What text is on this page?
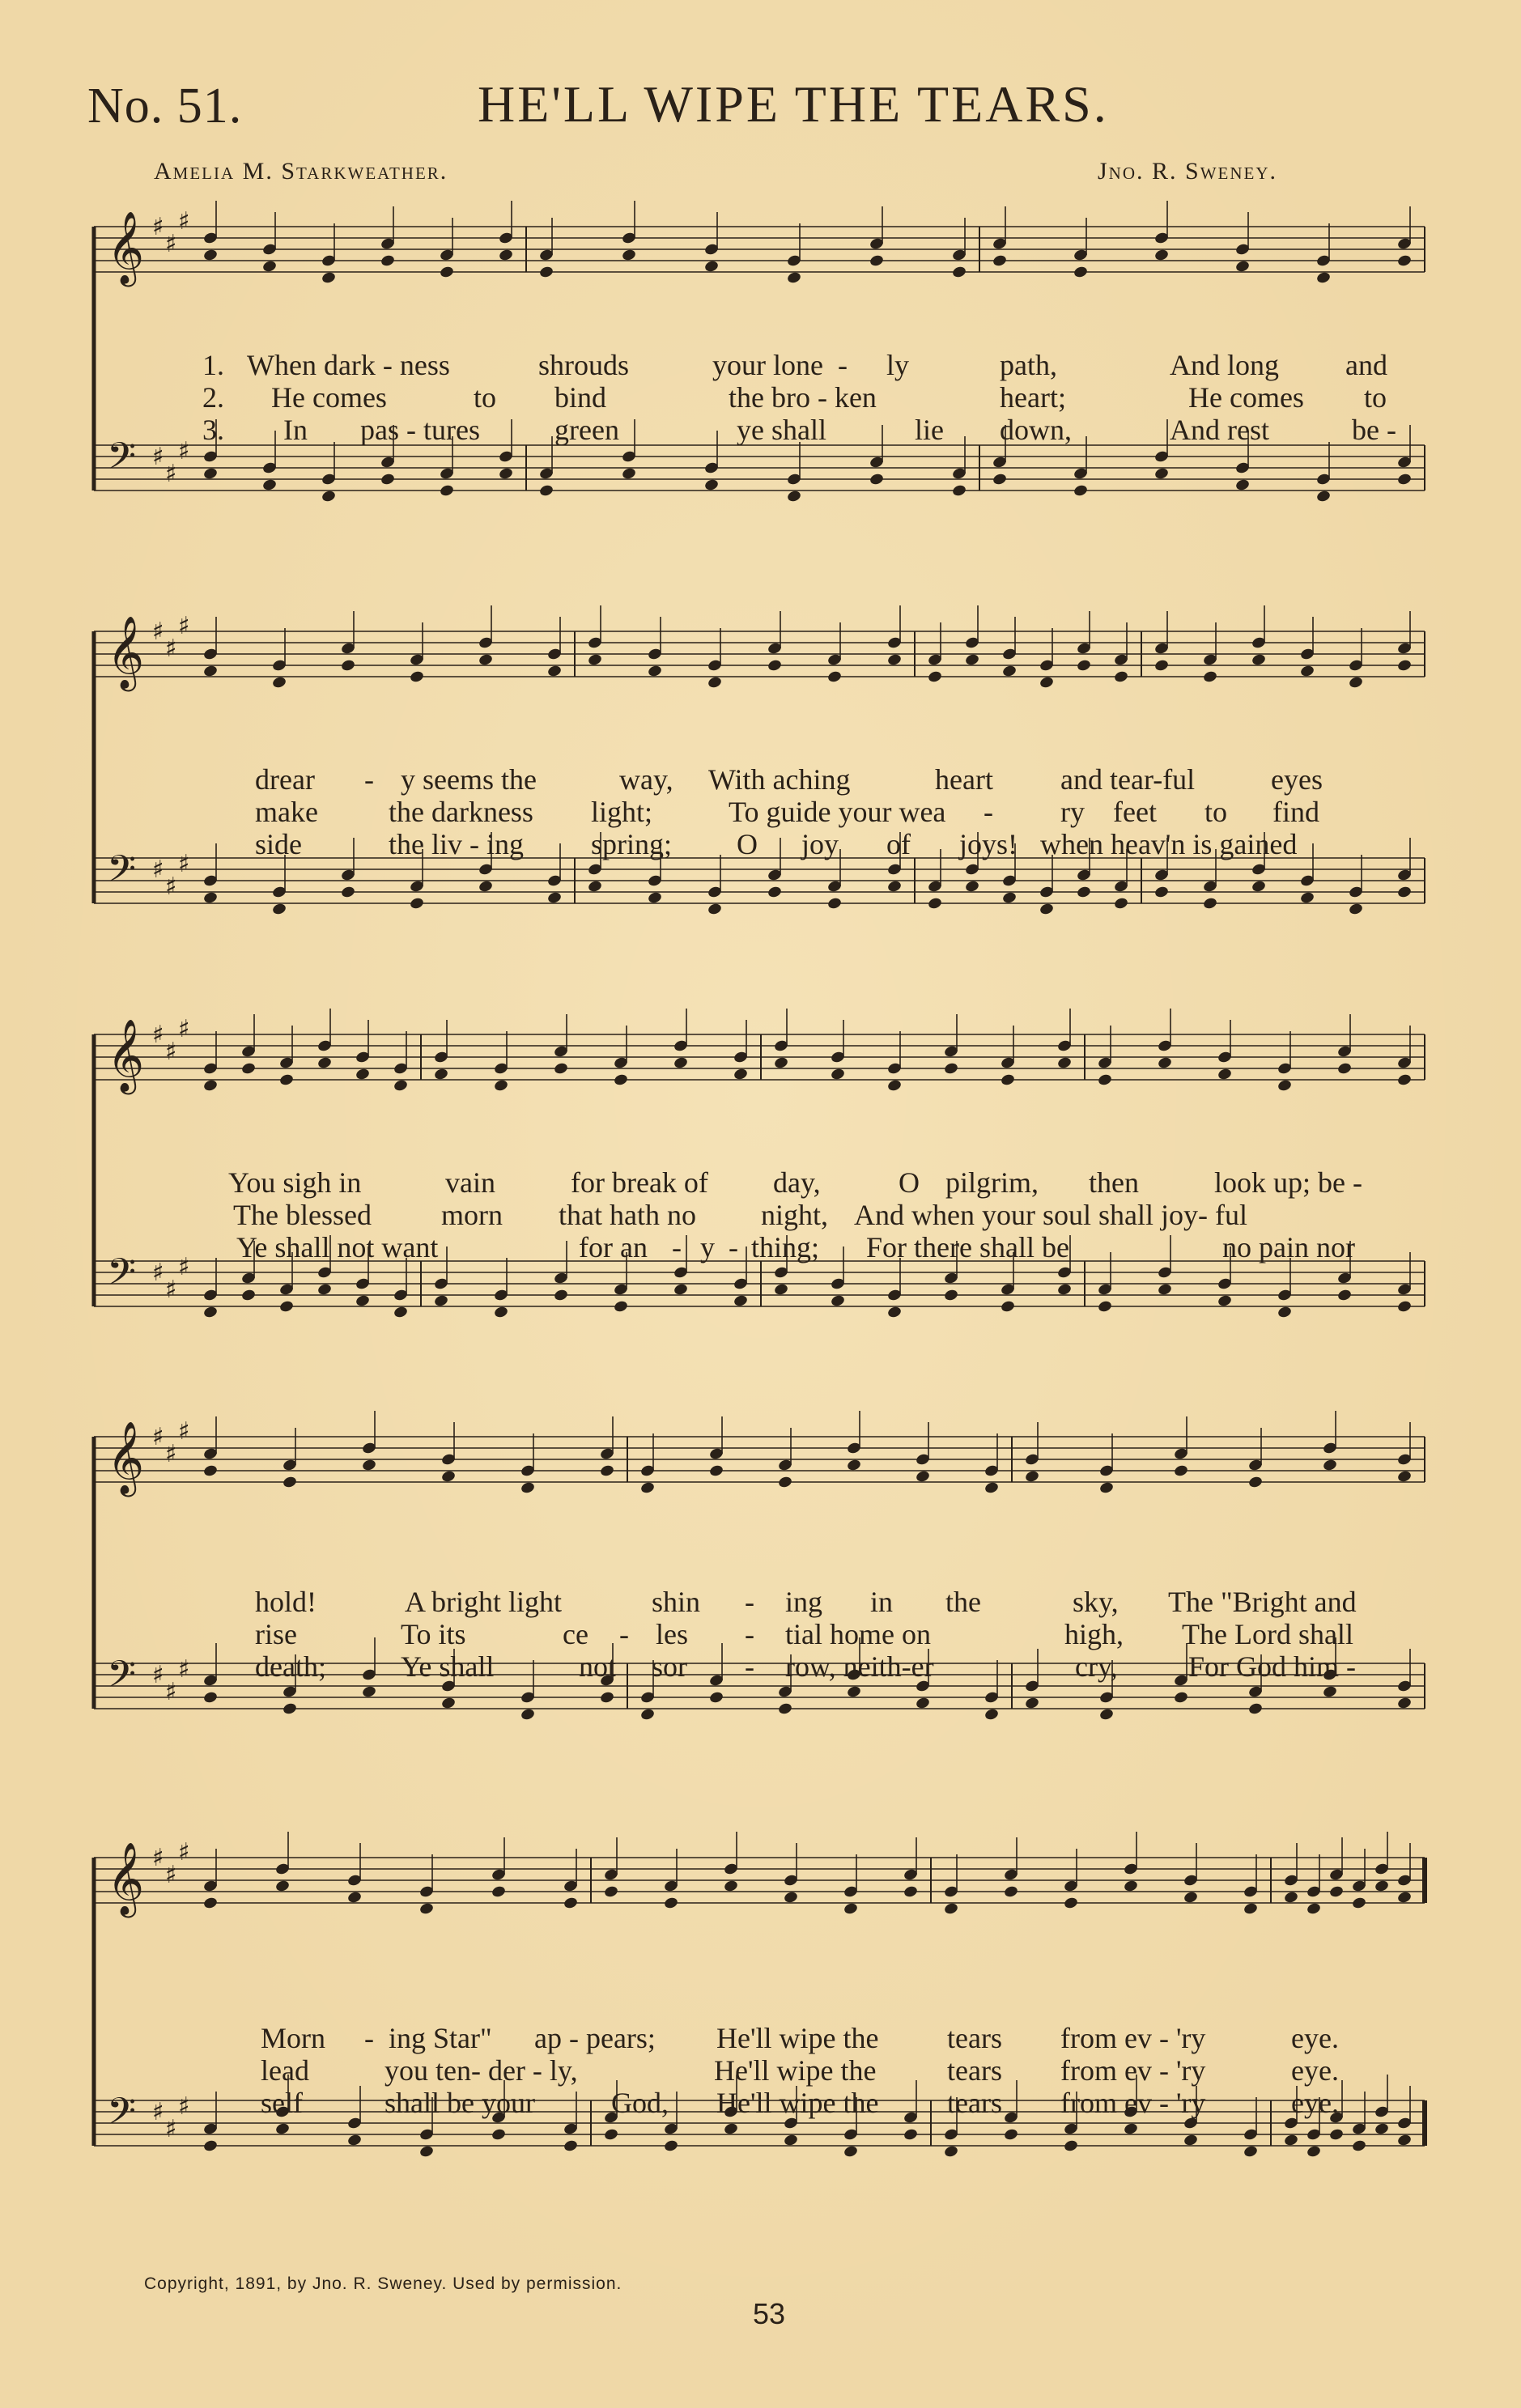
No. 51.	HE'LL WIPE THE TEARS.
Amelia M. Starkweather.	Jno. R. Sweney.
𝄞 ♯
♯
♯
𝄢 ♯
♯
♯
1. When dark - ness	shrouds	your lone - ly	path,	And long and
2. He comes	to bind	the bro - ken	heart;	He comes to
3. In pas - tures	green	ye shall	lie down,	And rest	be -
𝄞 ♯
♯
♯
𝄢 ♯
♯
♯
drear - y seems the	way, With aching	heart and tear-ful	eyes
make the darkness light;	To guide your wea - ry feet to find
side	the liv - ing spring; O joy of joys! when heav'n is gained
𝄞 ♯
♯
♯
𝄢 ♯
♯
♯
You sigh in	vain	for break of day,	O pilgrim, then	look up; be -
The blessed morn that hath no night, And when your soul shall joy- ful
Ye shall not want	for an - y - thing; For there shall be	no pain nor
𝄞 ♯
♯
♯
𝄢 ♯
♯
♯
hold!	A bright light	shin - ing in the	sky, The "Bright and
rise	To its	ce - les - tial home on	high, The Lord shall
death;	Ye shall	not sor - row, neith-er	cry, For God him -
𝄞 ♯
♯
♯
𝄢 ♯
♯
♯
Morn - ing Star" ap - pears; He'll wipe the tears from ev - 'ry	eye.
lead	you ten- der - ly,	He'll wipe the tears from ev - 'ry	eye.
self	shall be your	God, He'll wipe the tears from ev - 'ry	eye.
Copyright, 1891, by Jno. R. Sweney. Used by permission.
53
